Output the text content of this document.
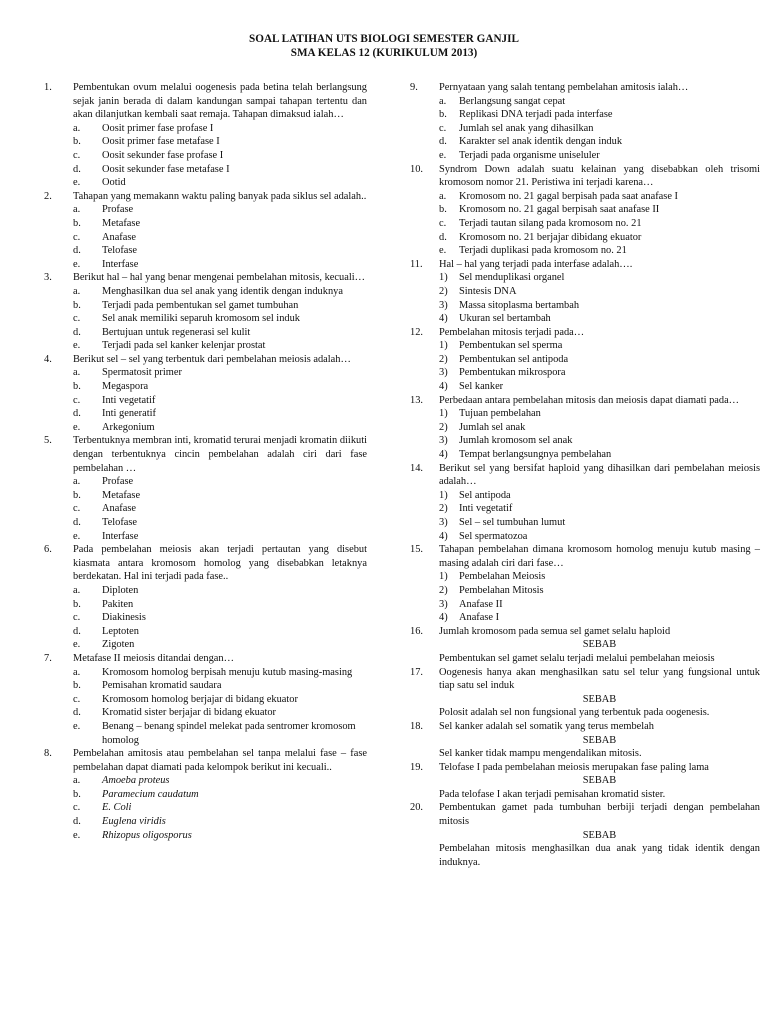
SOAL LATIHAN UTS BIOLOGI SEMESTER GANJIL
SMA KELAS 12 (KURIKULUM 2013)
1. Pembentukan ovum melalui oogenesis pada betina telah berlangsung sejak janin berada di dalam kandungan sampai tahapan tertentu dan akan dilanjutkan kembali saat remaja. Tahapan dimaksud ialah…
a. Oosit primer fase profase I
b. Oosit primer fase metafase I
c. Oosit sekunder fase profase I
d. Oosit sekunder fase metafase I
e. Ootid
2. Tahapan yang memakann waktu paling banyak pada siklus sel adalah..
a. Profase
b. Metafase
c. Anafase
d. Telofase
e. Interfase
3. Berikut hal – hal yang benar mengenai pembelahan mitosis, kecuali…
a. Menghasilkan dua sel anak yang identik dengan induknya
b. Terjadi pada pembentukan sel gamet tumbuhan
c. Sel anak memiliki separuh kromosom sel induk
d. Bertujuan untuk regenerasi sel kulit
e. Terjadi pada sel kanker kelenjar prostat
4. Berikut sel – sel yang terbentuk dari pembelahan meiosis adalah…
a. Spermatosit primer
b. Megaspora
c. Inti vegetatif
d. Inti generatif
e. Arkegonium
5. Terbentuknya membran inti, kromatid terurai menjadi kromatin diikuti dengan terbentuknya cincin pembelahan adalah ciri dari fase pembelahan …
a. Profase
b. Metafase
c. Anafase
d. Telofase
e. Interfase
6. Pada pembelahan meiosis akan terjadi pertautan yang disebut kiasmata antara kromosom homolog yang disebabkan letaknya berdekatan. Hal ini terjadi pada fase..
a. Diploten
b. Pakiten
c. Diakinesis
d. Leptoten
e. Zigoten
7. Metafase II meiosis ditandai dengan…
a. Kromosom homolog berpisah menuju kutub masing-masing
b. Pemisahan kromatid saudara
c. Kromosom homolog berjajar di bidang ekuator
d. Kromatid sister berjajar di bidang ekuator
e. Benang – benang spindel melekat pada sentromer kromosom homolog
8. Pembelahan amitosis atau pembelahan sel tanpa melalui fase – fase pembelahan dapat diamati pada kelompok berikut ini kecuali..
a. Amoeba proteus
b. Paramecium caudatum
c. E. Coli
d. Euglena viridis
e. Rhizopus oligosporus
9. Pernyataan yang salah tentang pembelahan amitosis ialah…
a. Berlangsung sangat cepat
b. Replikasi DNA terjadi pada interfase
c. Jumlah sel anak yang dihasilkan
d. Karakter sel anak identik dengan induk
e. Terjadi pada organisme uniseluler
10. Syndrom Down adalah suatu kelainan yang disebabkan oleh trisomi kromosom nomor 21. Peristiwa ini terjadi karena…
a. Kromosom no. 21 gagal berpisah pada saat anafase I
b. Kromosom no. 21 gagal berpisah saat anafase II
c. Terjadi tautan silang pada kromosom no. 21
d. Kromosom no. 21 berjajar dibidang ekuator
e. Terjadi duplikasi pada kromosom no. 21
11. Hal – hal yang terjadi pada interfase adalah….
1) Sel menduplikasi organel
2) Sintesis DNA
3) Massa sitoplasma bertambah
4) Ukuran sel bertambah
12. Pembelahan mitosis terjadi pada…
1) Pembentukan sel sperma
2) Pembentukan sel antipoda
3) Pembentukan mikrospora
4) Sel kanker
13. Perbedaan antara pembelahan mitosis dan meiosis dapat diamati pada…
1) Tujuan pembelahan
2) Jumlah sel anak
3) Jumlah kromosom sel anak
4) Tempat berlangsungnya pembelahan
14. Berikut sel yang bersifat haploid yang dihasilkan dari pembelahan meiosis adalah…
1) Sel antipoda
2) Inti vegetatif
3) Sel – sel tumbuhan lumut
4) Sel spermatozoa
15. Tahapan pembelahan dimana kromosom homolog menuju kutub masing – masing adalah ciri dari fase…
1) Pembelahan Meiosis
2) Pembelahan Mitosis
3) Anafase II
4) Anafase I
16. Jumlah kromosom pada semua sel gamet selalu haploid
SEBAB
Pembentukan sel gamet selalu terjadi melalui pembelahan meiosis
17. Oogenesis hanya akan menghasilkan satu sel telur yang fungsional untuk tiap satu sel induk
SEBAB
Polosit adalah sel non fungsional yang terbentuk pada oogenesis.
18. Sel kanker adalah sel somatik yang terus membelah
SEBAB
Sel kanker tidak mampu mengendalikan mitosis.
19. Telofase I pada pembelahan meiosis merupakan fase paling lama
SEBAB
Pada telofase I akan terjadi pemisahan kromatid sister.
20. Pembentukan gamet pada tumbuhan berbiji terjadi dengan pembelahan mitosis
SEBAB
Pembelahan mitosis menghasilkan dua anak yang tidak identik dengan induknya.
